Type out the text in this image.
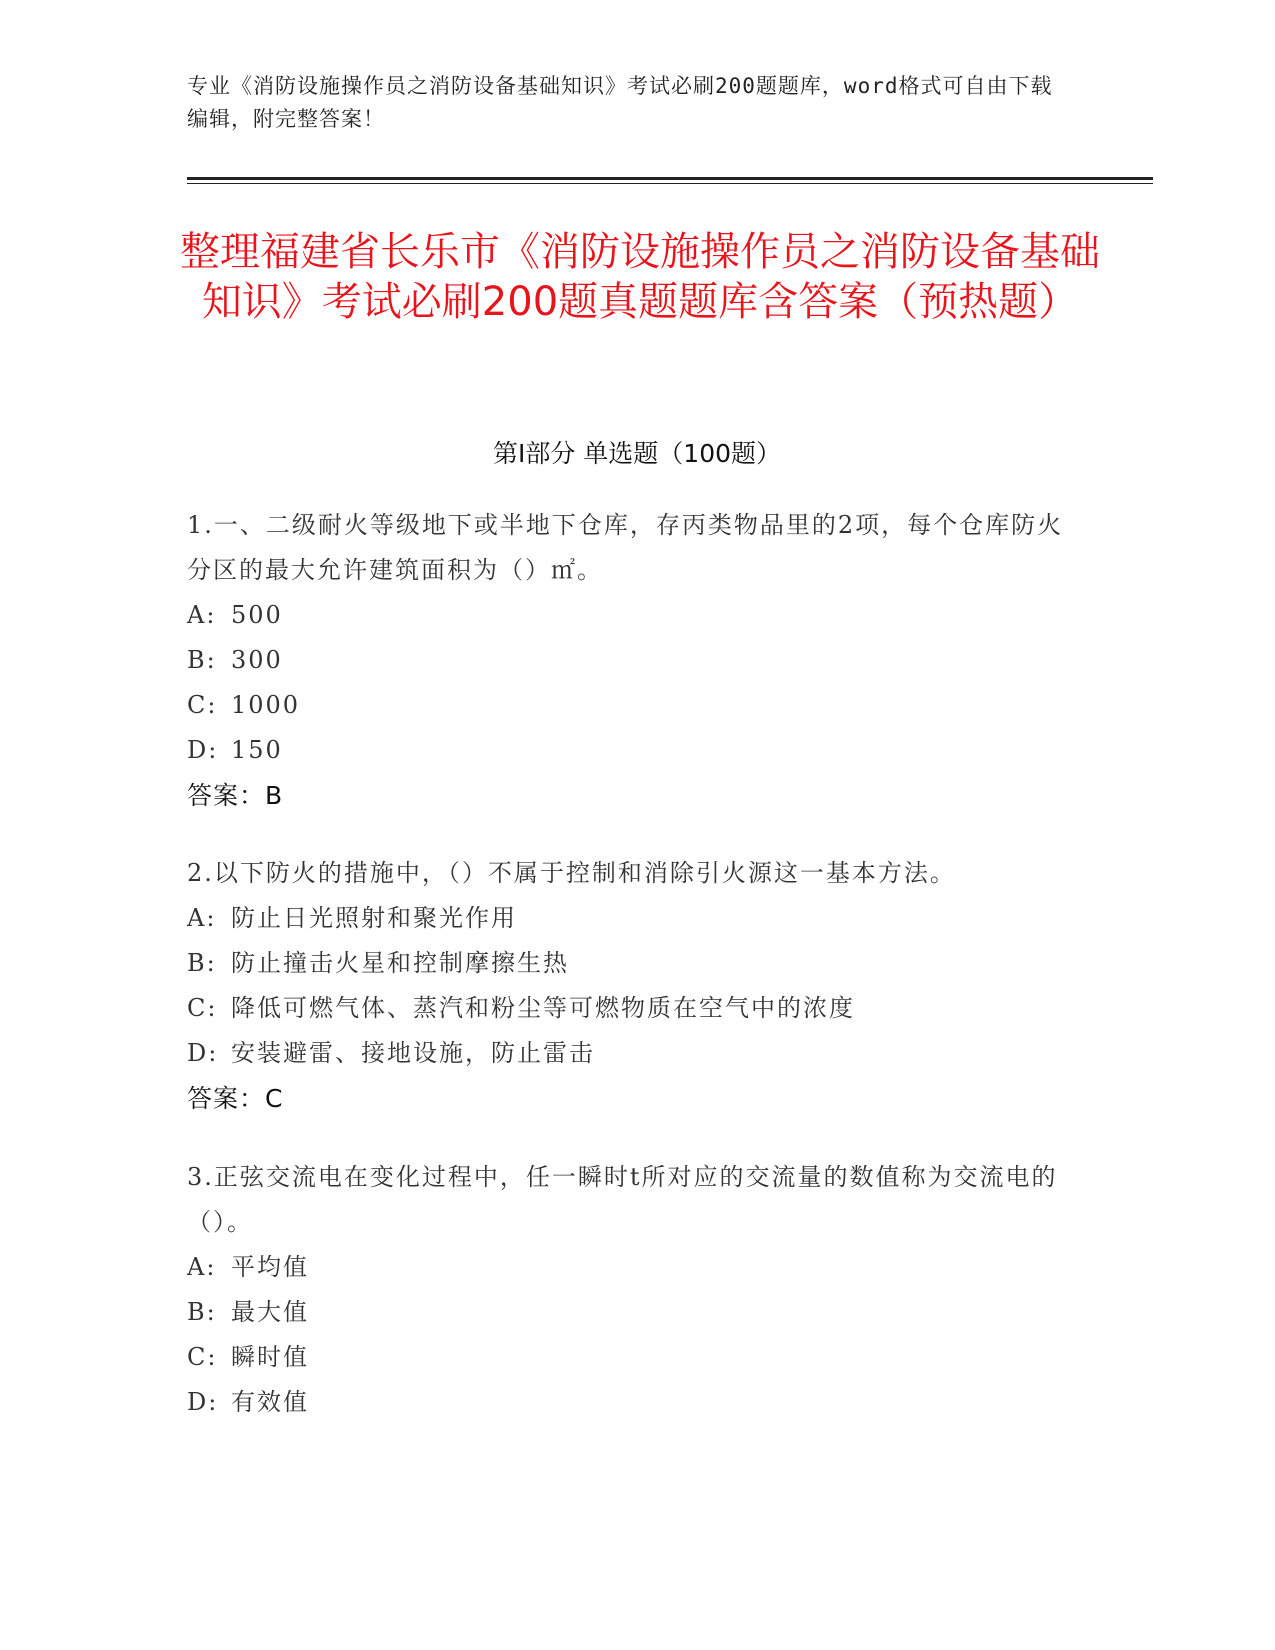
专业《消防设施操作员之消防设备基础知识》考试必刷200题题库，word格式可自由下载编辑，附完整答案！
整理福建省长乐市《消防设施操作员之消防设备基础知识》考试必刷200题真题题库含答案（预热题）
第Ⅰ部分 单选题（100题）

1.一、二级耐火等级地下或半地下仓库，存丙类物品里的2项，每个仓库防火分区的最大允许建筑面积为（）㎡。

A: 500

B: 300

C: 1000

D: 150

答案：B

2.以下防火的措施中，（）不属于控制和消除引火源这一基本方法。

A: 防止日光照射和聚光作用

B: 防止撞击火星和控制摩擦生热

C: 降低可燃气体、蒸汽和粉尘等可燃物质在空气中的浓度

D: 安装避雷、接地设施，防止雷击

答案：C

3.正弦交流电在变化过程中，任一瞬时t所对应的交流量的数值称为交流电的（）。

A: 平均值

B: 最大值

C: 瞬时值

D: 有效值
